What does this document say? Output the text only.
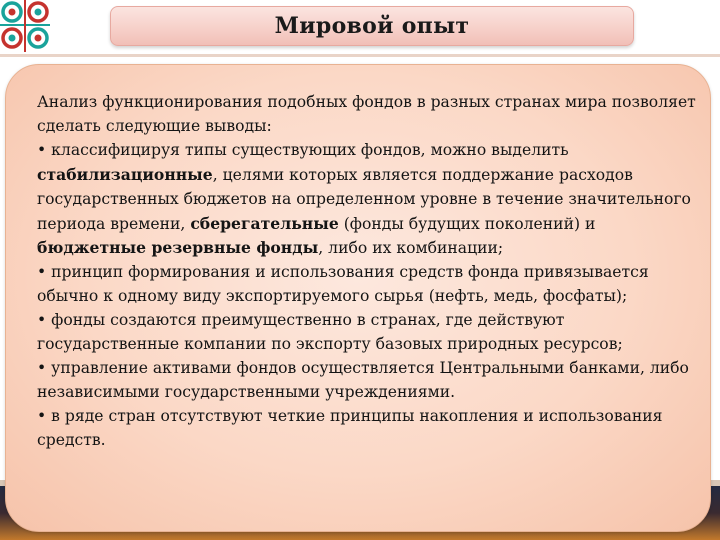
Мировой опыт

Анализ функционирования подобных фондов в разных странах мира позволяет сделать следующие выводы:
• классифицируя типы существующих фондов, можно выделить стабилизационные, целями которых является поддержание расходов государственных бюджетов на определенном уровне в течение значительного периода времени, сберегательные (фонды будущих поколений) и бюджетные резервные фонды, либо их комбинации;
• принцип формирования и использования средств фонда привязывается обычно к одному виду экспортируемого сырья (нефть, медь, фосфаты);
• фонды создаются преимущественно в странах, где действуют государственные компании по экспорту базовых природных ресурсов;
• управление активами фондов осуществляется Центральными банками, либо независимыми государственными учреждениями.
• в ряде стран отсутствуют четкие принципы накопления и использования средств.
